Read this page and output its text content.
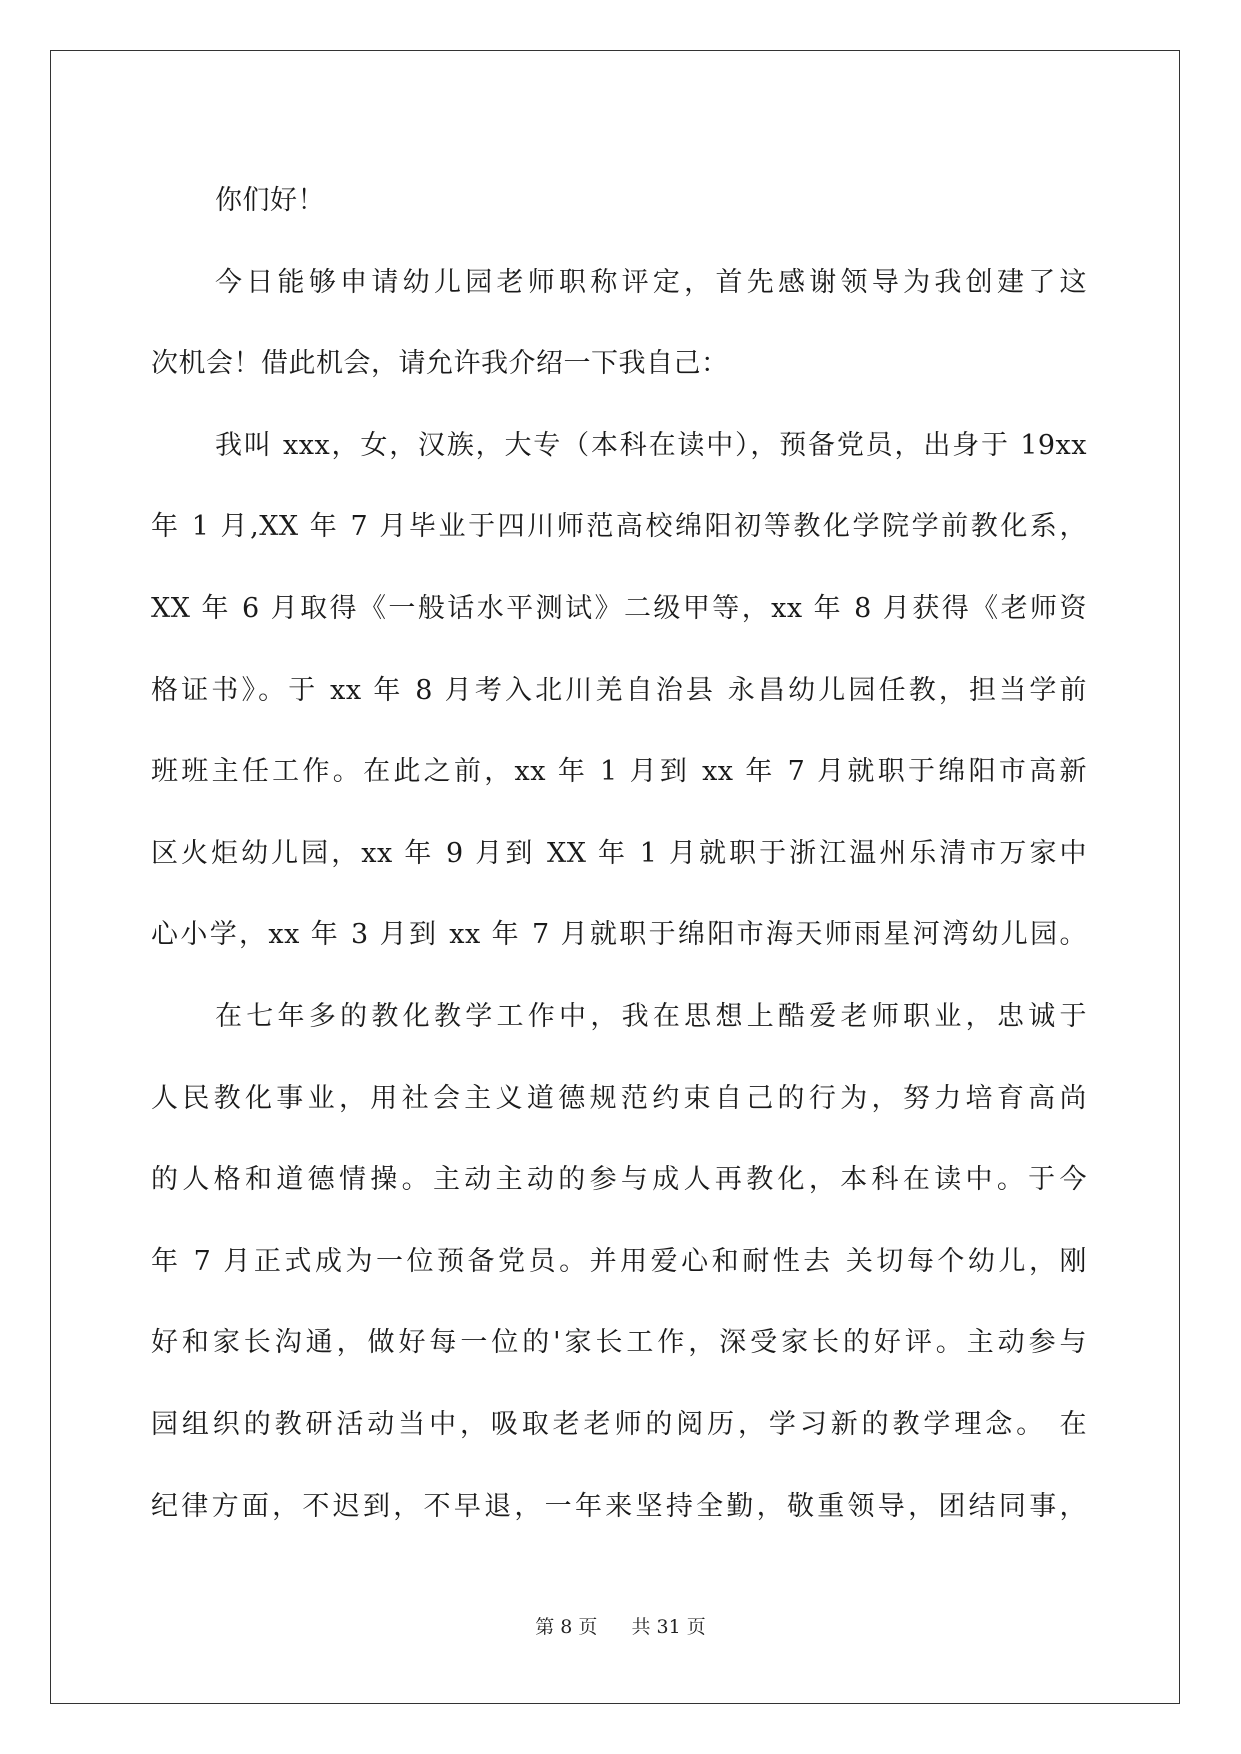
你们好！

今日能够申请幼儿园老师职称评定，首先感谢领导为我创建了这

次机会！借此机会，请允许我介绍一下我自己：

我叫 xxx，女，汉族，大专（本科在读中），预备党员，出身于 19xx

年 1 月,XX 年 7 月毕业于四川师范高校绵阳初等教化学院学前教化系，

XX 年 6 月取得《一般话水平测试》二级甲等，xx 年 8 月获得《老师资

格证书》。于 xx 年 8 月考入北川羌自治县 永昌幼儿园任教，担当学前

班班主任工作。在此之前，xx 年 1 月到 xx 年 7 月就职于绵阳市高新

区火炬幼儿园，xx 年 9 月到 XX 年 1 月就职于浙江温州乐清市万家中

心小学，xx 年 3 月到 xx 年 7 月就职于绵阳市海天师雨星河湾幼儿园。

在七年多的教化教学工作中，我在思想上酷爱老师职业，忠诚于

人民教化事业，用社会主义道德规范约束自己的行为，努力培育高尚

的人格和道德情操。主动主动的参与成人再教化，本科在读中。于今

年 7 月正式成为一位预备党员。并用爱心和耐性去 关切每个幼儿，刚

好和家长沟通，做好每一位的'家长工作，深受家长的好评。主动参与

园组织的教研活动当中，吸取老老师的阅历，学习新的教学理念。 在

纪律方面，不迟到，不早退，一年来坚持全勤，敬重领导，团结同事，

第 8 页 共 31 页
